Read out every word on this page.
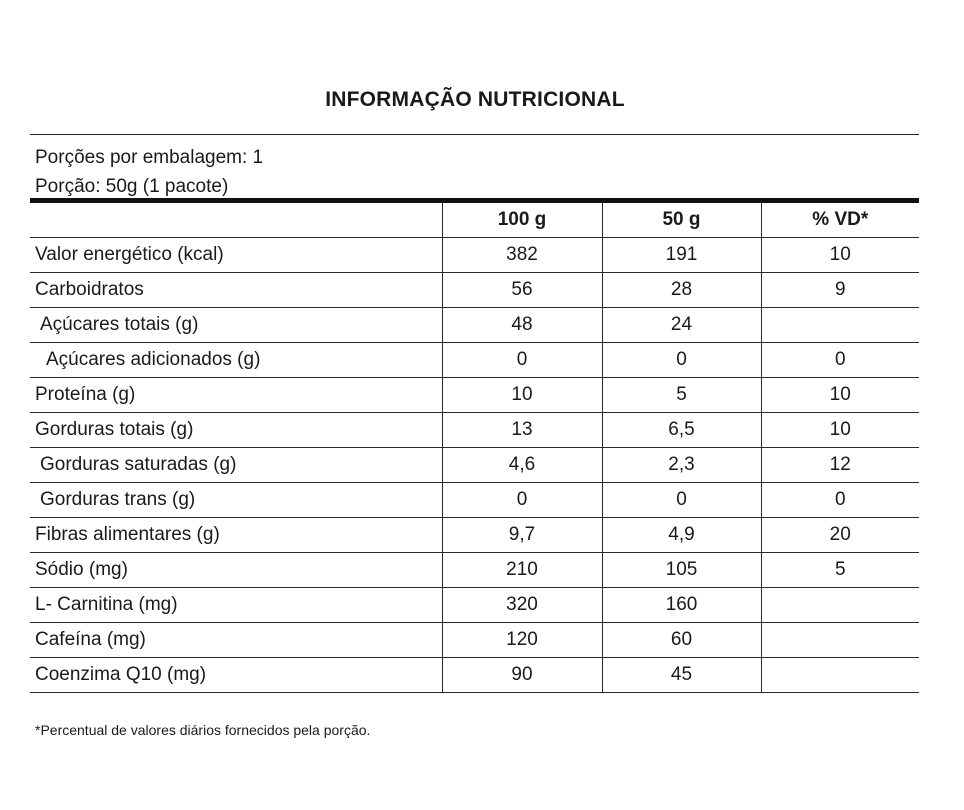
INFORMAÇÃO NUTRICIONAL
Porções por embalagem: 1
Porção: 50g (1 pacote)
	100 g	50 g	% VD*
Valor energético (kcal)	382	191	10
Carboidratos	56	28	9
Açúcares totais (g)	48	24	
Açúcares adicionados (g)	0	0	0
Proteína (g)	10	5	10
Gorduras totais (g)	13	6,5	10
Gorduras saturadas (g)	4,6	2,3	12
Gorduras trans (g)	0	0	0
Fibras alimentares (g)	9,7	4,9	20
Sódio (mg)	210	105	5
L- Carnitina (mg)	320	160	
Cafeína (mg)	120	60	
Coenzima Q10 (mg)	90	45	
*Percentual de valores diários fornecidos pela porção.
